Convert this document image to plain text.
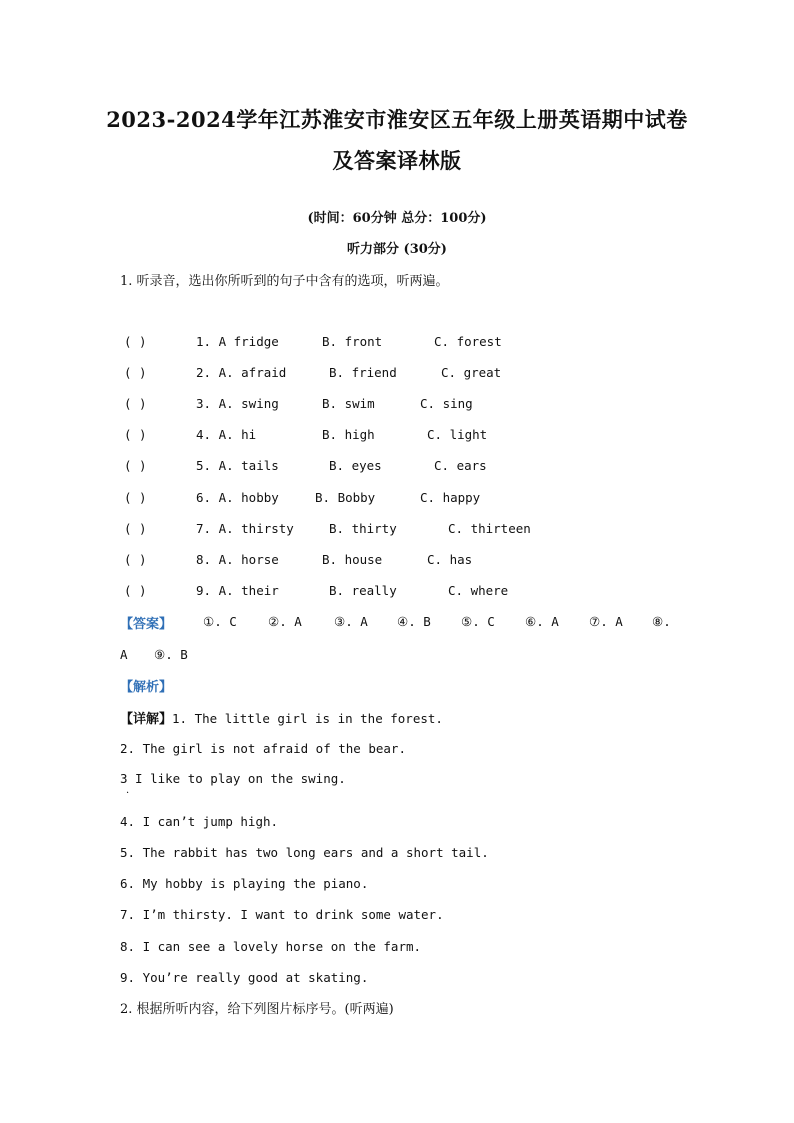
2023-2024学年江苏淮安市淮安区五年级上册英语期中试卷
及答案译林版
(时间：60分钟 总分：100分)
听力部分 (30分)
1. 听录音，选出你所听到的句子中含有的选项，听两遍。
( )	1. A fridge	B. front	C. forest
( )	2. A. afraid	B. friend	C. great
( )	3. A. swing	B. swim	C. sing
( )	4. A. hi	B. high	C. light
( )	5. A. tails	B. eyes	C. ears
( )	6. A. hobby	B. Bobby	C. happy
( )	7. A. thirsty	B. thirty	C. thirteen
( )	8. A. horse	B. house	C. has
( )	9. A. their	B. really	C. where
【答案】 ①. C ②. A	③. A ④. B ⑤. C ⑥. A ⑦. A ⑧.
A ⑨. B
【解析】
【详解】1. The little girl is in the forest.
2. The girl is not afraid of the bear.
3 I like to play on the swing.
·
4. I can’t jump high.
5. The rabbit has two long ears and a short tail.
6. My hobby is playing the piano.
7. I’m thirsty. I want to drink some water.
8. I can see a lovely horse on the farm.
9. You’re really good at skating.
2. 根据所听内容，给下列图片标序号。(听两遍)
